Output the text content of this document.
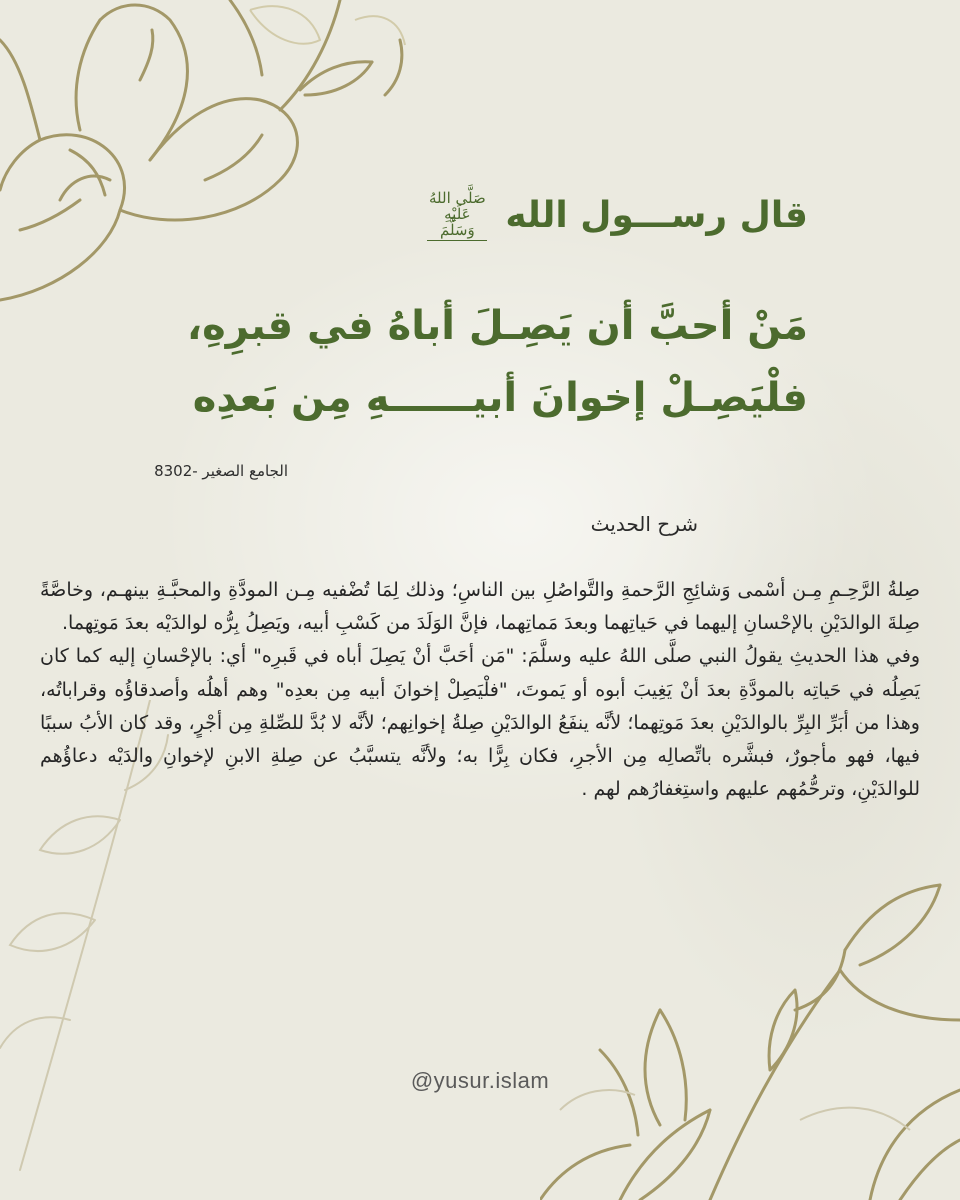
قال رســـول الله
صَلَّى اللهُ عَلَيْهِ
وَسَلَّمَ
مَنْ أحبَّ أن يَصِـلَ أباهُ في قبرِهِ،
فلْيَصِـلْ إخوانَ أبيــــــهِ مِن بَعدِه
الجامع الصغير -8302
شرح الحديث

صِلةُ الرَّحِـمِ مِـن أسْمى وَشائِجِ الرَّحمةِ والتَّواصُلِ بين الناسِ؛ وذلك لِمَا تُضْفيه مِـن المودَّةِ والمحبَّـةِ بينهـم، وخاصَّةً صِلةَ الوالدَيْنِ بالإحْسانِ إليهما في حَياتِهما وبعدَ مَماتِهما، فإنَّ الوَلَدَ من كَسْبِ أبيه، ويَصِلُ بِرُّه لوالدَيْه بعدَ مَوتِهما.

وفي هذا الحديثِ يقولُ النبي صلَّى اللهُ عليه وسلَّمَ: "مَن أحَبَّ أنْ يَصِلَ أباه في قَبرِه" أي: بالإحْسانِ إليه كما كان يَصِلُه في حَياتِه بالمودَّةِ بعدَ أنْ يَغِيبَ أبوه أو يَموتَ، "فلْيَصِلْ إخوانَ أبيه مِن بعدِه" وهم أهلُه وأصدقاؤُه وقراباتُه، وهذا من أبَرِّ البِرِّ بالوالدَيْنِ بعدَ مَوتِهما؛ لأنَّه ينفَعُ الوالدَيْنِ صِلةُ إخوانِهم؛ لأنَّه لا بُدَّ للصِّلةِ مِن أجْرٍ، وقد كان الأبُ سببًا فيها، فهو مأجورٌ، فبشَّره باتِّصالِه مِن الأجرِ، فكان بِرًّا به؛ ولأنَّه يتسبَّبُ عن صِلةِ الابنِ لإخوانِ والدَيْه دعاؤُهم للوالدَيْنِ، وترحُّمُهم عليهم واستِغفارُهم لهم .

@yusur.islam
